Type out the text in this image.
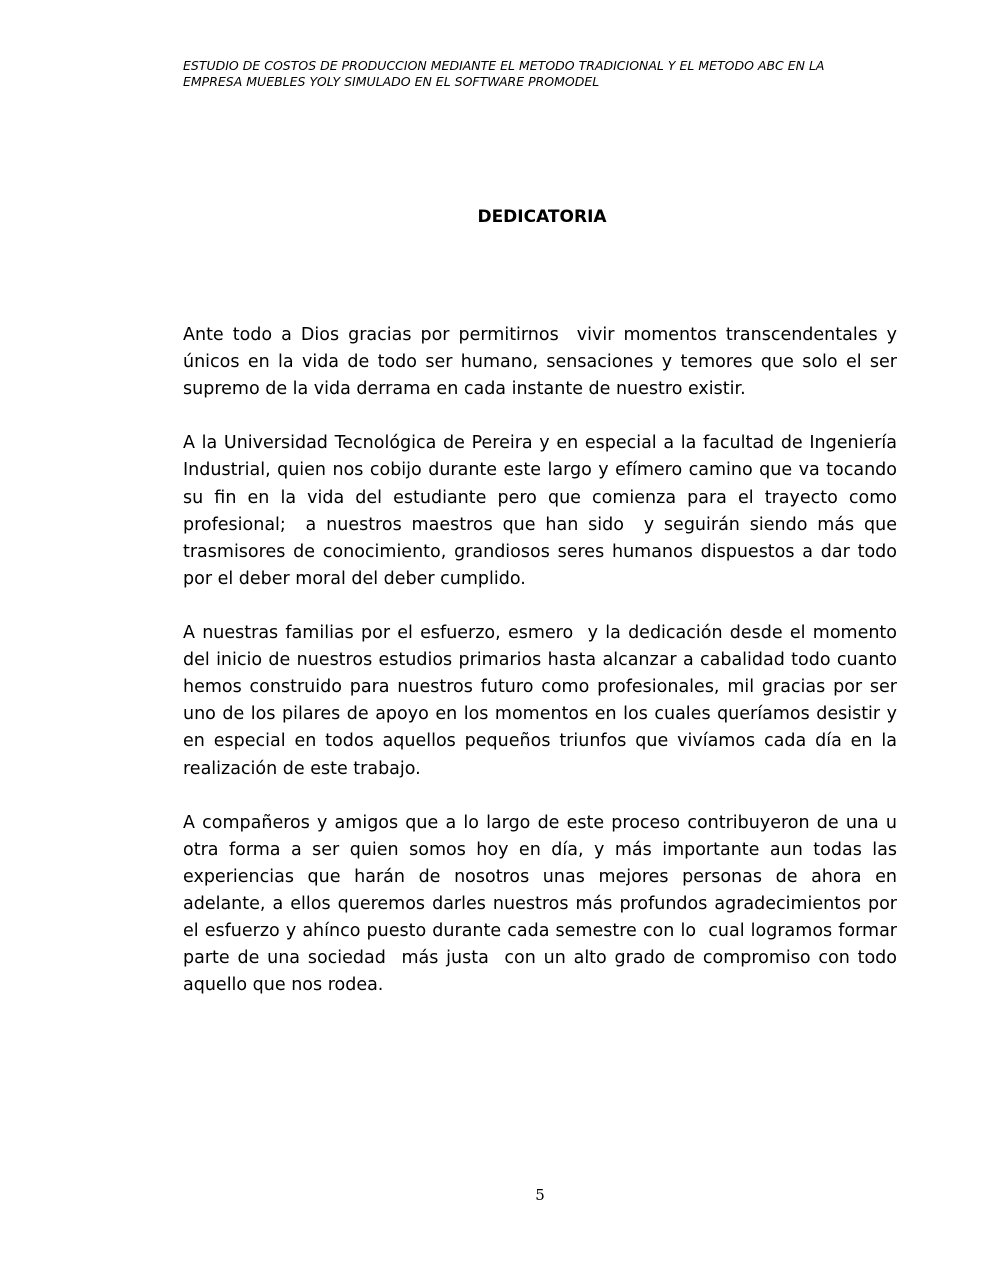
ESTUDIO DE COSTOS DE PRODUCCION MEDIANTE EL METODO TRADICIONAL Y EL METODO ABC EN LA
EMPRESA MUEBLES YOLY SIMULADO EN EL SOFTWARE PROMODEL
DEDICATORIA

Ante todo a Dios gracias por permitirnos  vivir momentos transcendentales y únicos en la vida de todo ser humano, sensaciones y temores que solo el ser supremo de la vida derrama en cada instante de nuestro existir.

A la Universidad Tecnológica de Pereira y en especial a la facultad de Ingeniería Industrial, quien nos cobijo durante este largo y efímero camino que va tocando su fin en la vida del estudiante pero que comienza para el trayecto como profesional;  a nuestros maestros que han sido  y seguirán siendo más que trasmisores de conocimiento, grandiosos seres humanos dispuestos a dar todo por el deber moral del deber cumplido.

A nuestras familias por el esfuerzo, esmero  y la dedicación desde el momento del inicio de nuestros estudios primarios hasta alcanzar a cabalidad todo cuanto hemos construido para nuestros futuro como profesionales, mil gracias por ser uno de los pilares de apoyo en los momentos en los cuales queríamos desistir y en especial en todos aquellos pequeños triunfos que vivíamos cada día en la realización de este trabajo.

A compañeros y amigos que a lo largo de este proceso contribuyeron de una u otra forma a ser quien somos hoy en día, y más importante aun todas las experiencias que harán de nosotros unas mejores personas de ahora en adelante, a ellos queremos darles nuestros más profundos agradecimientos por el esfuerzo y ahínco puesto durante cada semestre con lo  cual logramos formar parte de una sociedad  más justa  con un alto grado de compromiso con todo aquello que nos rodea.

5
